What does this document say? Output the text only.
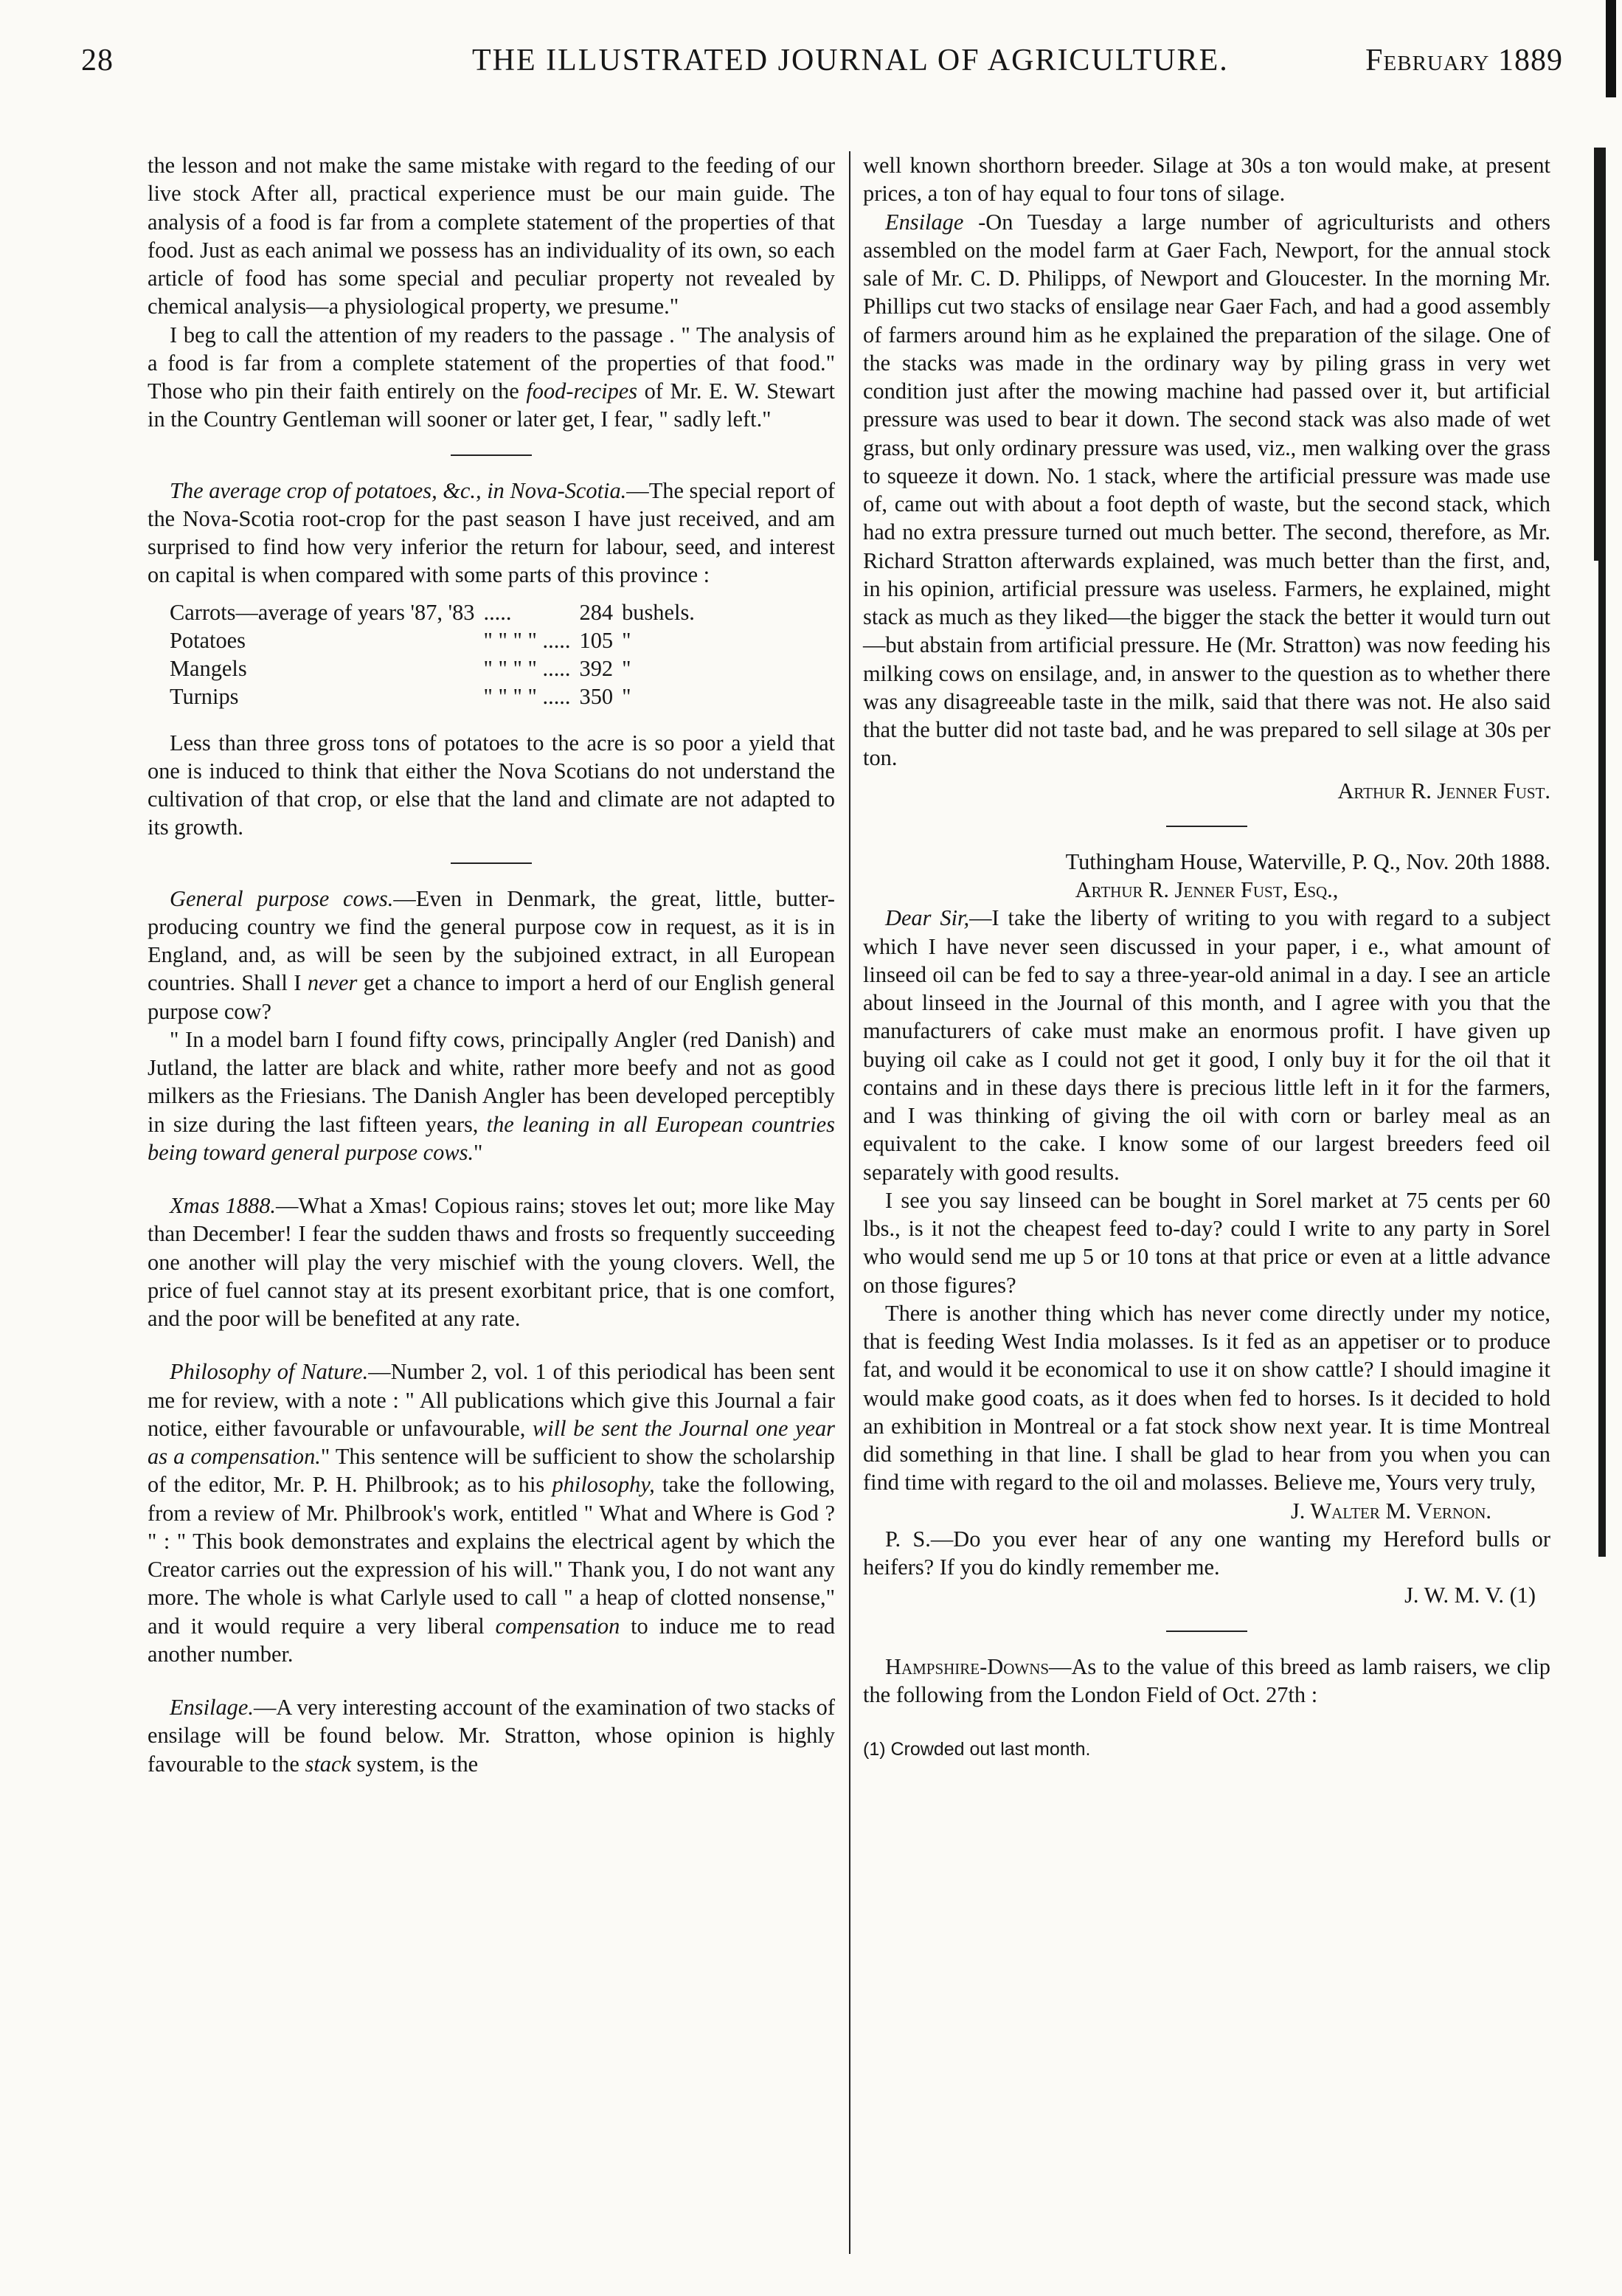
28	THE ILLUSTRATED JOURNAL OF AGRICULTURE.	February 1889

the lesson and not make the same mistake with regard to the feeding of our live stock After all, practical experience must be our main guide. The analysis of a food is far from a complete statement of the properties of that food. Just as each animal we possess has an individuality of its own, so each article of food has some special and peculiar property not revealed by chemical analysis—a physiological property, we presume."

I beg to call the attention of my readers to the passage . " The analysis of a food is far from a complete statement of the properties of that food." Those who pin their faith entirely on the food-recipes of Mr. E. W. Stewart in the Country Gentleman will sooner or later get, I fear, " sadly left."

The average crop of potatoes, &c., in Nova-Scotia.—The special report of the Nova-Scotia root-crop for the past season I have just received, and am surprised to find how very inferior the return for labour, seed, and interest on capital is when compared with some parts of this province :

Carrots—average of years '87, '83	.....	284	bushels.
Potatoes	" " " " .....	105	"
Mangels	" " " " .....	392	"
Turnips	" " " " .....	350	"

Less than three gross tons of potatoes to the acre is so poor a yield that one is induced to think that either the Nova Scotians do not understand the cultivation of that crop, or else that the land and climate are not adapted to its growth.

General purpose cows.—Even in Denmark, the great, little, butter-producing country we find the general purpose cow in request, as it is in England, and, as will be seen by the subjoined extract, in all European countries. Shall I never get a chance to import a herd of our English general purpose cow?

" In a model barn I found fifty cows, principally Angler (red Danish) and Jutland, the latter are black and white, rather more beefy and not as good milkers as the Friesians. The Danish Angler has been developed perceptibly in size during the last fifteen years, the leaning in all European countries being toward general purpose cows."

Xmas 1888.—What a Xmas! Copious rains; stoves let out; more like May than December! I fear the sudden thaws and frosts so frequently succeeding one another will play the very mischief with the young clovers. Well, the price of fuel cannot stay at its present exorbitant price, that is one comfort, and the poor will be benefited at any rate.

Philosophy of Nature.—Number 2, vol. 1 of this periodical has been sent me for review, with a note : " All publications which give this Journal a fair notice, either favourable or unfavourable, will be sent the Journal one year as a compensation." This sentence will be sufficient to show the scholarship of the editor, Mr. P. H. Philbrook; as to his philosophy, take the following, from a review of Mr. Philbrook's work, entitled " What and Where is God ? " : " This book demonstrates and explains the electrical agent by which the Creator carries out the expression of his will." Thank you, I do not want any more. The whole is what Carlyle used to call " a heap of clotted nonsense," and it would require a very liberal compensation to induce me to read another number.

Ensilage.—A very interesting account of the examination of two stacks of ensilage will be found below. Mr. Stratton, whose opinion is highly favourable to the stack system, is the

well known shorthorn breeder. Silage at 30s a ton would make, at present prices, a ton of hay equal to four tons of silage.

Ensilage -On Tuesday a large number of agriculturists and others assembled on the model farm at Gaer Fach, Newport, for the annual stock sale of Mr. C. D. Philipps, of Newport and Gloucester. In the morning Mr. Phillips cut two stacks of ensilage near Gaer Fach, and had a good assembly of farmers around him as he explained the preparation of the silage. One of the stacks was made in the ordinary way by piling grass in very wet condition just after the mowing machine had passed over it, but artificial pressure was used to bear it down. The second stack was also made of wet grass, but only ordinary pressure was used, viz., men walking over the grass to squeeze it down. No. 1 stack, where the artificial pressure was made use of, came out with about a foot depth of waste, but the second stack, which had no extra pressure turned out much better. The second, therefore, as Mr. Richard Stratton afterwards explained, was much better than the first, and, in his opinion, artificial pressure was useless. Farmers, he explained, might stack as much as they liked—the bigger the stack the better it would turn out—but abstain from artificial pressure. He (Mr. Stratton) was now feeding his milking cows on ensilage, and, in answer to the question as to whether there was any disagreeable taste in the milk, said that there was not. He also said that the butter did not taste bad, and he was prepared to sell silage at 30s per ton.

Arthur R. Jenner Fust.

Tuthingham House, Waterville, P. Q., Nov. 20th 1888.

Arthur R. Jenner Fust, Esq.,

Dear Sir,—I take the liberty of writing to you with regard to a subject which I have never seen discussed in your paper, i e., what amount of linseed oil can be fed to say a three-year-old animal in a day. I see an article about linseed in the Journal of this month, and I agree with you that the manufacturers of cake must make an enormous profit. I have given up buying oil cake as I could not get it good, I only buy it for the oil that it contains and in these days there is precious little left in it for the farmers, and I was thinking of giving the oil with corn or barley meal as an equivalent to the cake. I know some of our largest breeders feed oil separately with good results.

I see you say linseed can be bought in Sorel market at 75 cents per 60 lbs., is it not the cheapest feed to-day? could I write to any party in Sorel who would send me up 5 or 10 tons at that price or even at a little advance on those figures?

There is another thing which has never come directly under my notice, that is feeding West India molasses. Is it fed as an appetiser or to produce fat, and would it be economical to use it on show cattle? I should imagine it would make good coats, as it does when fed to horses. Is it decided to hold an exhibition in Montreal or a fat stock show next year. It is time Montreal did something in that line. I shall be glad to hear from you when you can find time with regard to the oil and molasses. Believe me, Yours very truly,

J. Walter M. Vernon.

P. S.—Do you ever hear of any one wanting my Hereford bulls or heifers? If you do kindly remember me.

J. W. M. V. (1)

Hampshire-Downs—As to the value of this breed as lamb raisers, we clip the following from the London Field of Oct. 27th :

(1) Crowded out last month.
